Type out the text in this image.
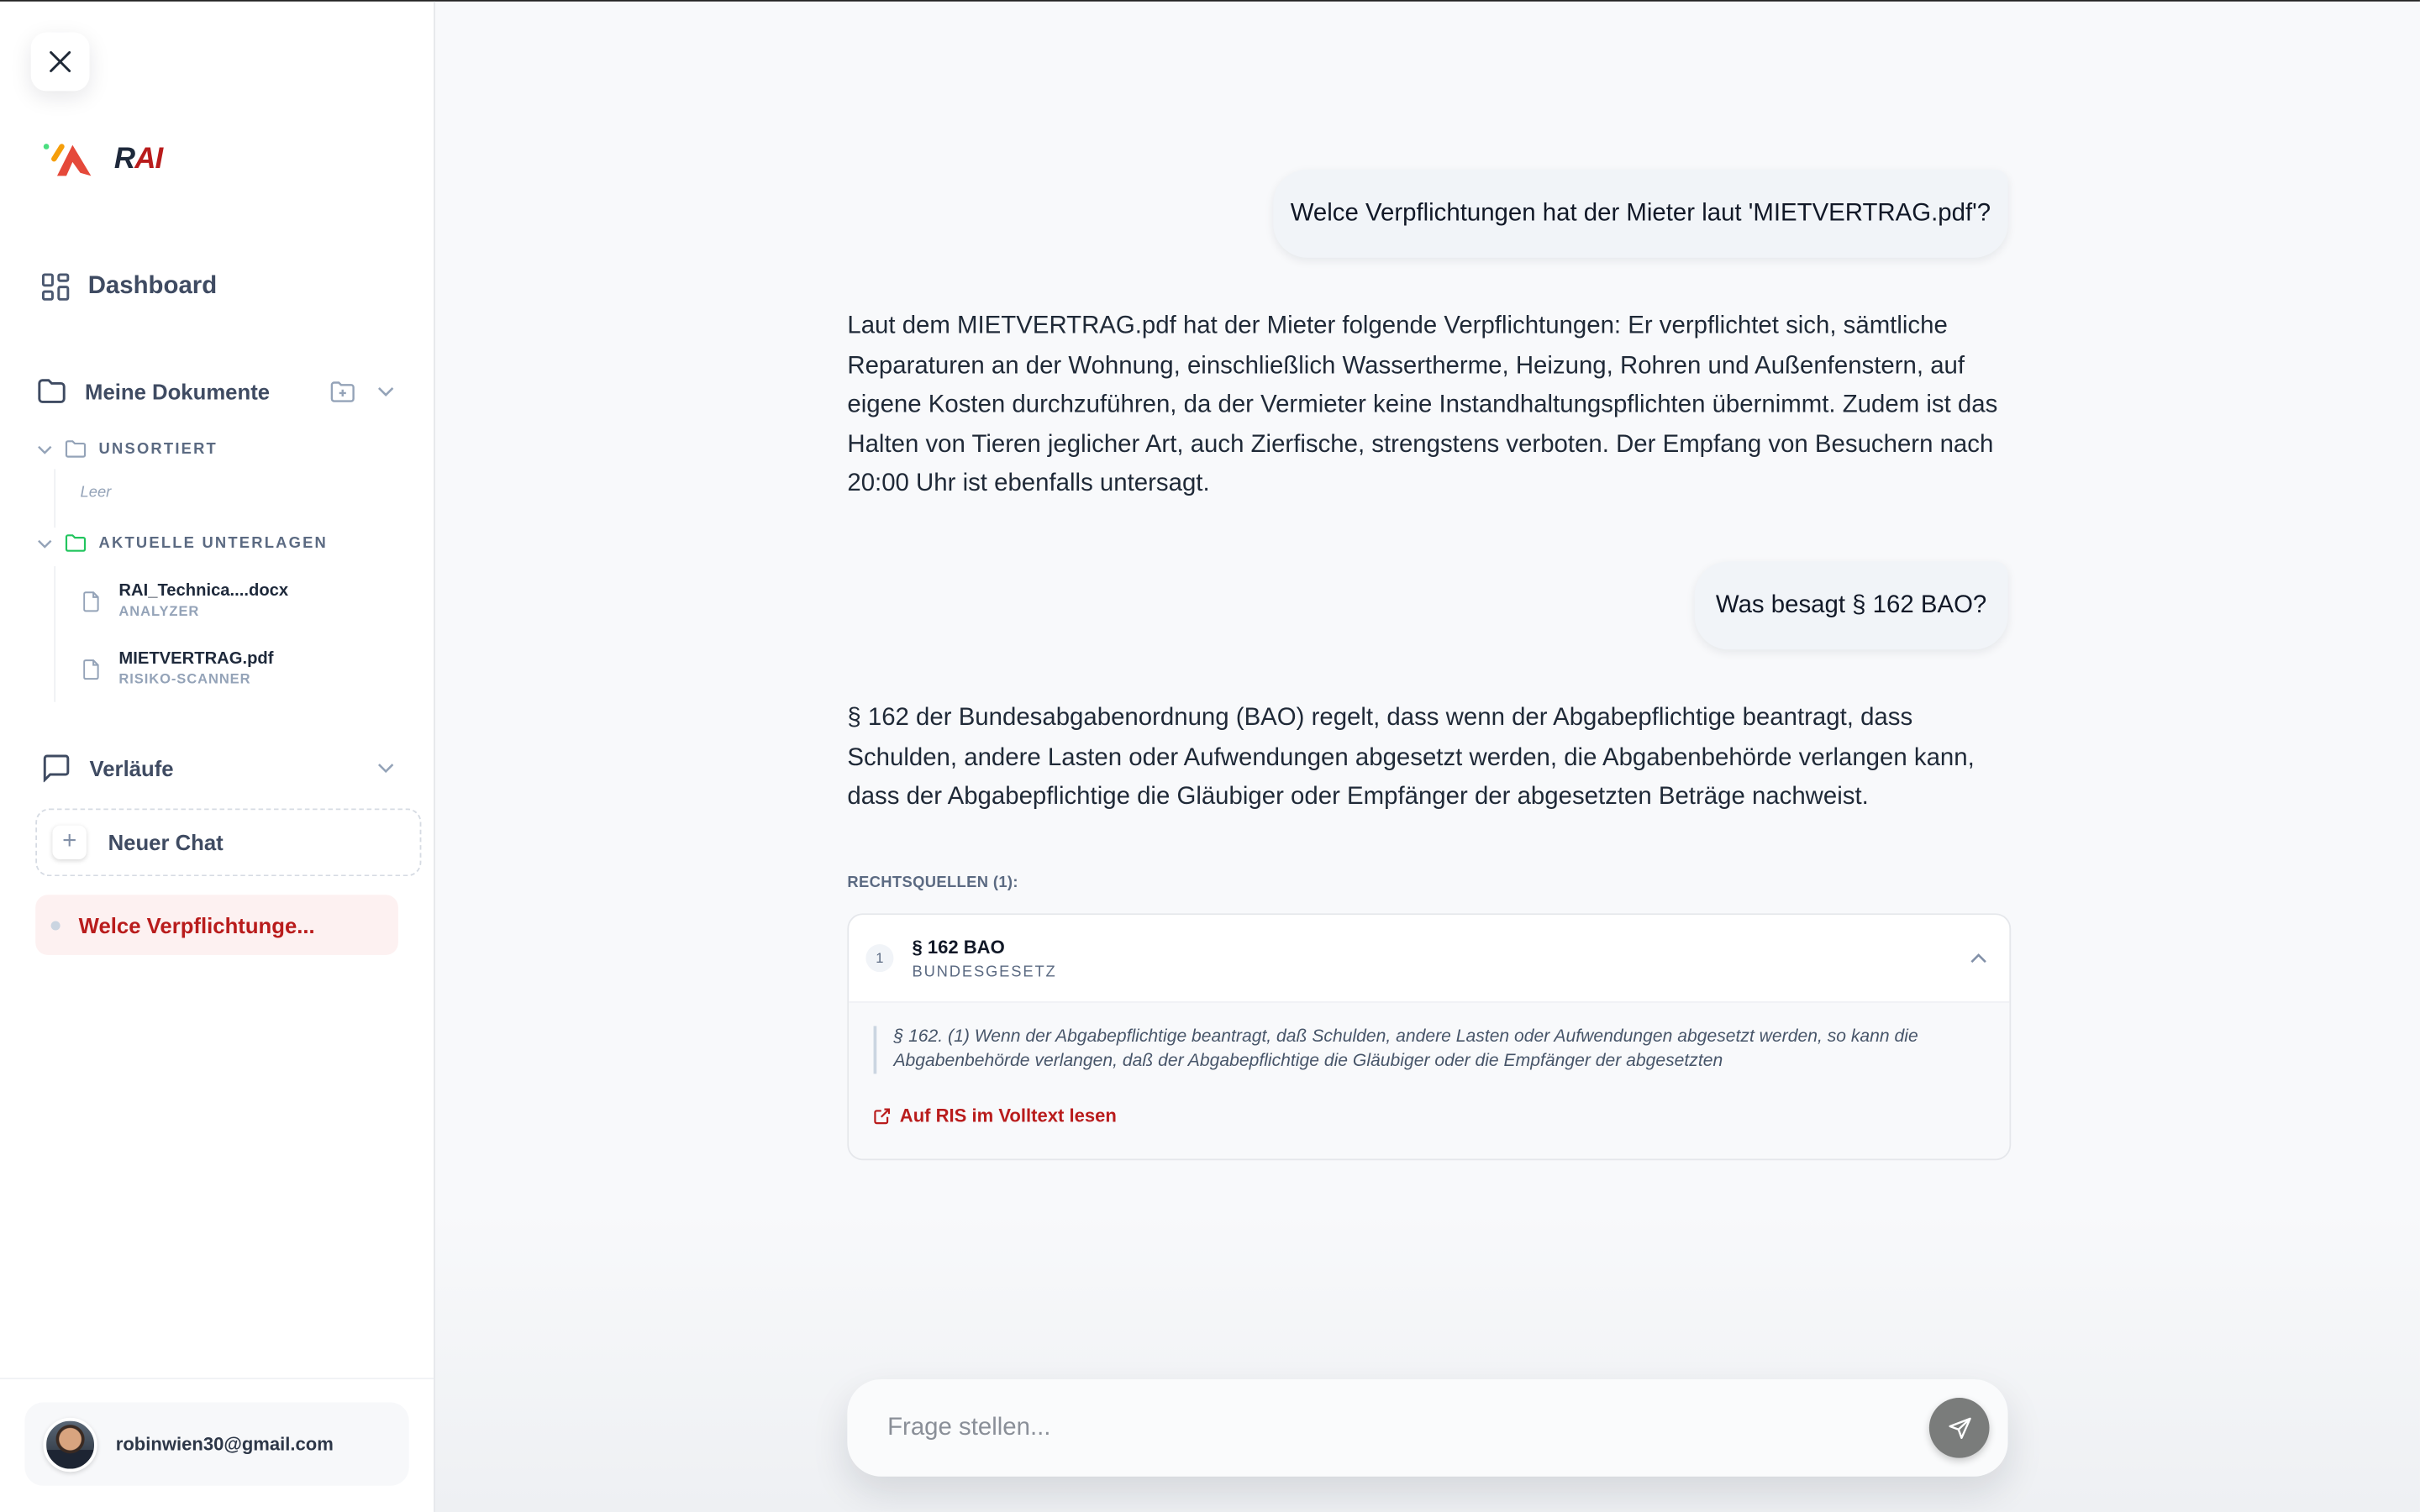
RAI
Dashboard
Meine Dokumente
UNSORTIERT
Leer
AKTUELLE UNTERLAGEN
RAI_Technica....docx
ANALYZER
MIETVERTRAG.pdf
RISIKO-SCANNER
Verläufe
+	Neuer Chat
Welce Verpflichtunge...
robinwien30@gmail.com
Welce Verpflichtungen hat der Mieter laut 'MIETVERTRAG.pdf'?
Laut dem MIETVERTRAG.pdf hat der Mieter folgende Verpflichtungen: Er verpflichtet sich, sämtliche Reparaturen an der Wohnung, einschließlich Wassertherme, Heizung, Rohren und Außenfenstern, auf eigene Kosten durchzuführen, da der Vermieter keine Instandhaltungspflichten übernimmt. Zudem ist das Halten von Tieren jeglicher Art, auch Zierfische, strengstens verboten. Der Empfang von Besuchern nach 20:00 Uhr ist ebenfalls untersagt.
Was besagt § 162 BAO?
§ 162 der Bundesabgabenordnung (BAO) regelt, dass wenn der Abgabepflichtige beantragt, dass Schulden, andere Lasten oder Aufwendungen abgesetzt werden, die Abgabenbehörde verlangen kann, dass der Abgabepflichtige die Gläubiger oder Empfänger der abgesetzten Beträge nachweist.
RECHTSQUELLEN (1):
1
§ 162 BAO
BUNDESGESETZ
§ 162. (1) Wenn der Abgabepflichtige beantragt, daß Schulden, andere Lasten oder Aufwendungen abgesetzt werden, so kann die Abgabenbehörde verlangen, daß der Abgabepflichtige die Gläubiger oder die Empfänger der abgesetzten
Auf RIS im Volltext lesen
Frage stellen...
